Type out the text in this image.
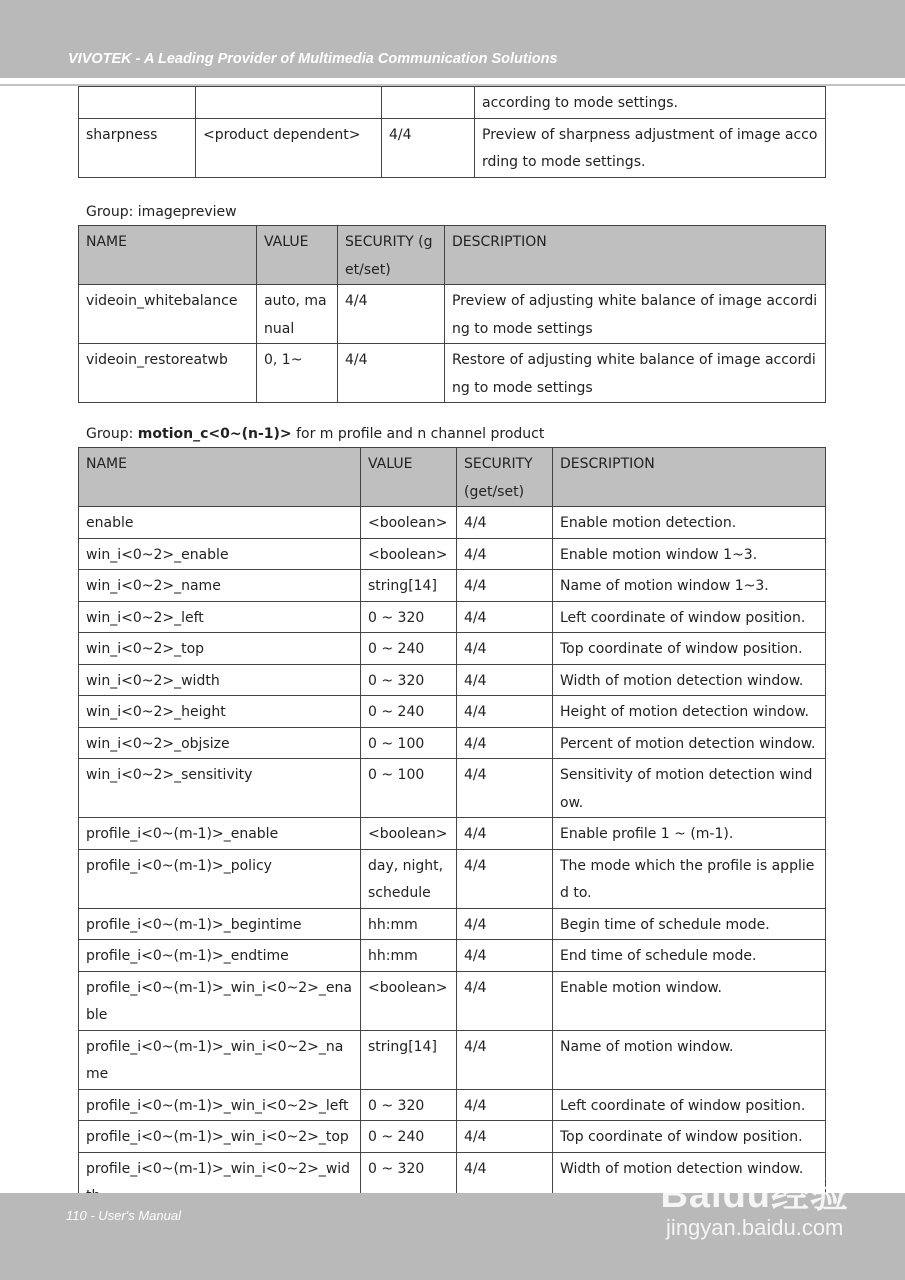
VIVOTEK - A Leading Provider of Multimedia Communication Solutions
			according to mode settings.
sharpness	<product dependent>	4/4	Preview of sharpness adjustment of image according to mode settings.
Group: imagepreview
NAME	VALUE	SECURITY (get/set)	DESCRIPTION
videoin_whitebalance	auto, manual	4/4	Preview of adjusting white balance of image according to mode settings
videoin_restoreatwb	0, 1~	4/4	Restore of adjusting white balance of image according to mode settings
Group: motion_c<0~(n-1)> for m profile and n channel product
NAME	VALUE	SECURITY (get/set)	DESCRIPTION
enable	<boolean>	4/4	Enable motion detection.
win_i<0~2>_enable	<boolean>	4/4	Enable motion window 1~3.
win_i<0~2>_name	string[14]	4/4	Name of motion window 1~3.
win_i<0~2>_left	0 ~ 320	4/4	Left coordinate of window position.
win_i<0~2>_top	0 ~ 240	4/4	Top coordinate of window position.
win_i<0~2>_width	0 ~ 320	4/4	Width of motion detection window.
win_i<0~2>_height	0 ~ 240	4/4	Height of motion detection window.
win_i<0~2>_objsize	0 ~ 100	4/4	Percent of motion detection window.
win_i<0~2>_sensitivity	0 ~ 100	4/4	Sensitivity of motion detection window.
profile_i<0~(m-1)>_enable	<boolean>	4/4	Enable profile 1 ~ (m-1).
profile_i<0~(m-1)>_policy	day, night, schedule	4/4	The mode which the profile is applied to.
profile_i<0~(m-1)>_begintime	hh:mm	4/4	Begin time of schedule mode.
profile_i<0~(m-1)>_endtime	hh:mm	4/4	End time of schedule mode.
profile_i<0~(m-1)>_win_i<0~2>_enable	<boolean>	4/4	Enable motion window.
profile_i<0~(m-1)>_win_i<0~2>_name	string[14]	4/4	Name of motion window.
profile_i<0~(m-1)>_win_i<0~2>_left	0 ~ 320	4/4	Left coordinate of window position.
profile_i<0~(m-1)>_win_i<0~2>_top	0 ~ 240	4/4	Top coordinate of window position.
profile_i<0~(m-1)>_win_i<0~2>_wid	0 ~ 320	4/4	Width of motion detection window.
110 - User's Manual	Baidu经验
jingyan.baidu.com
